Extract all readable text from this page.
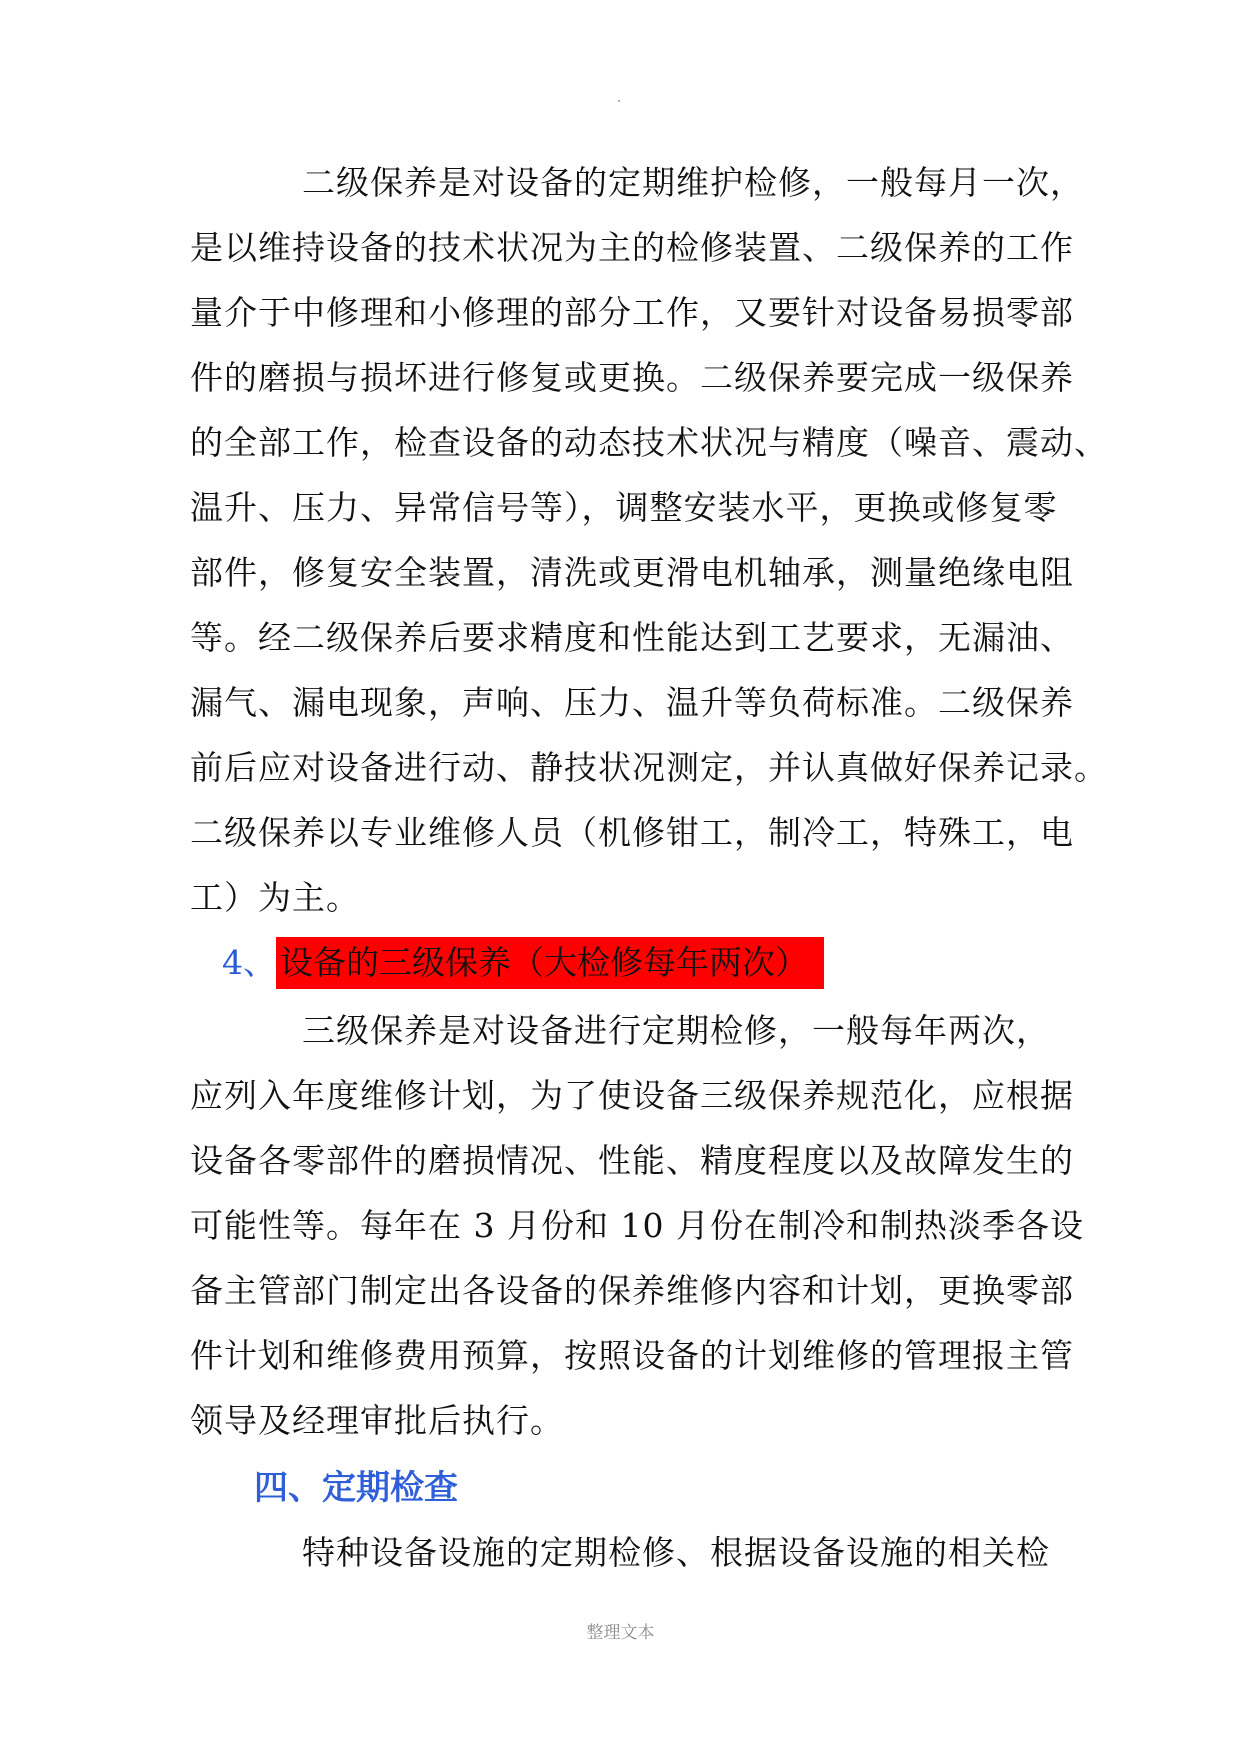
二级保养是对设备的定期维护检修，一般每月一次，
是以维持设备的技术状况为主的检修装置、二级保养的工作
量介于中修理和小修理的部分工作，又要针对设备易损零部
件的磨损与损坏进行修复或更换。二级保养要完成一级保养
的全部工作，检查设备的动态技术状况与精度（噪音、震动、
温升、压力、异常信号等），调整安装水平，更换或修复零
部件，修复安全装置，清洗或更滑电机轴承，测量绝缘电阻
等。经二级保养后要求精度和性能达到工艺要求，无漏油、
漏气、漏电现象，声响、压力、温升等负荷标准。二级保养
前后应对设备进行动、静技状况测定，并认真做好保养记录。
二级保养以专业维修人员（机修钳工，制冷工，特殊工，电
工）为主。
4、 设备的三级保养（大检修每年两次）
三级保养是对设备进行定期检修，一般每年两次，
应列入年度维修计划，为了使设备三级保养规范化，应根据
设备各零部件的磨损情况、性能、精度程度以及故障发生的
可能性等。每年在 3 月份和 10 月份在制冷和制热淡季各设
备主管部门制定出各设备的保养维修内容和计划，更换零部
件计划和维修费用预算，按照设备的计划维修的管理报主管
领导及经理审批后执行。
四、定期检查
特种设备设施的定期检修、根据设备设施的相关检
整理文本
